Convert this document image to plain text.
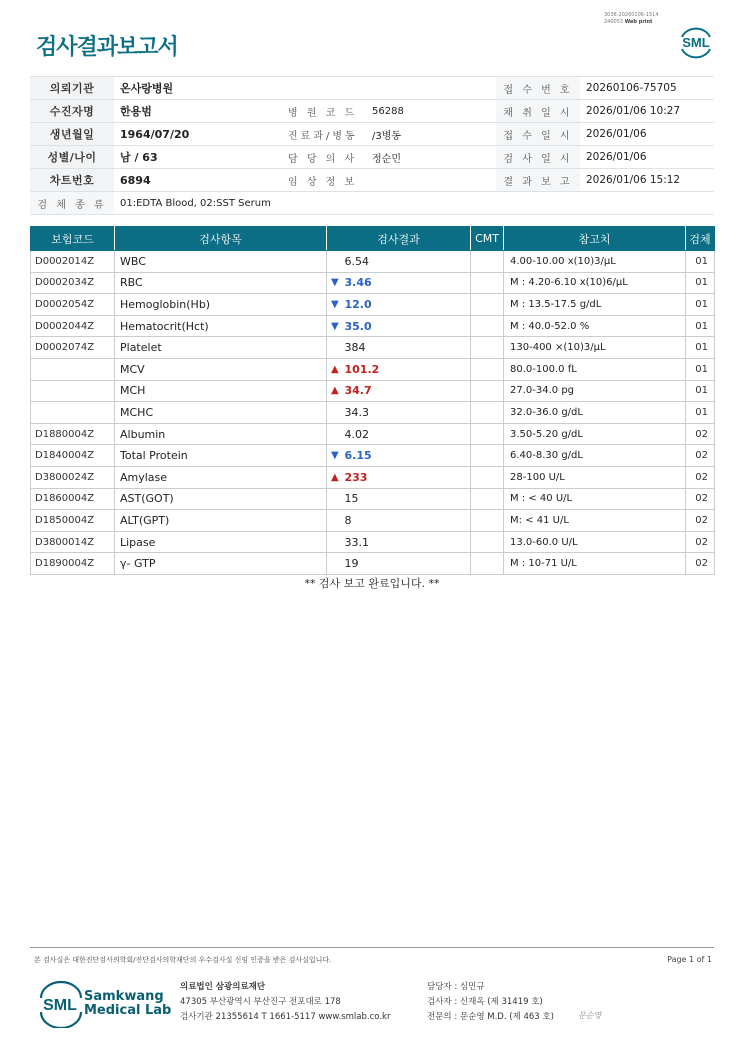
3038-20260106-1514
240053 Web print
검사결과보고서	SML
의뢰기관	온사랑병원			접 수 번 호	20260106-75705
수진자명	한용범	병 원 코 드	56288	채 취 일 시	2026/01/06 10:27
생년월일	1964/07/20	진료과/병동	/3병동	접 수 일 시	2026/01/06
성별/나이	남 / 63	담 당 의 사	정순민	검 사 일 시	2026/01/06
차트번호	6894	임 상 정 보		결 과 보 고	2026/01/06 15:12
검 체 종 류	01:EDTA Blood, 02:SST Serum				
보험코드	검사항목	검사결과		CMT	참고치	검체
D0002014Z	WBC		6.54		4.00-10.00 x(10)3/μL	01
D0002034Z	RBC	▼	3.46		M : 4.20-6.10 x(10)6/μL	01
D0002054Z	Hemoglobin(Hb)	▼	12.0		M : 13.5-17.5 g/dL	01
D0002044Z	Hematocrit(Hct)	▼	35.0		M : 40.0-52.0 %	01
D0002074Z	Platelet		384		130-400 ×(10)3/μL	01
	MCV	▲	101.2		80.0-100.0 fL	01
	MCH	▲	34.7		27.0-34.0 pg	01
	MCHC		34.3		32.0-36.0 g/dL	01
D1880004Z	Albumin		4.02		3.50-5.20 g/dL	02
D1840004Z	Total Protein	▼	6.15		6.40-8.30 g/dL	02
D3800024Z	Amylase	▲	233		28-100 U/L	02
D1860004Z	AST(GOT)		15		M : < 40 U/L	02
D1850004Z	ALT(GPT)		8		M: < 41 U/L	02
D3800014Z	Lipase		33.1		13.0-60.0 U/L	02
D1890004Z	γ- GTP		19		M : 10-71 U/L	02
** 검사 보고 완료입니다. **
본 검사실은 대한진단검사의학회/진단검사의학재단의 우수검사실 신임 인증을 받은 검사실입니다.	Page 1 of 1
SML
Samkwang
Medical Lab
의료법인 삼광의료재단
47305 부산광역시 부산진구 전포대로 178
검사기관 21355614 T 1661-5117 www.smlab.co.kr
담당자 : 심민규
검사자 : 신재옥 (제 31419 호)
전문의 : 문순영 M.D. (제 463 호)	문순영
